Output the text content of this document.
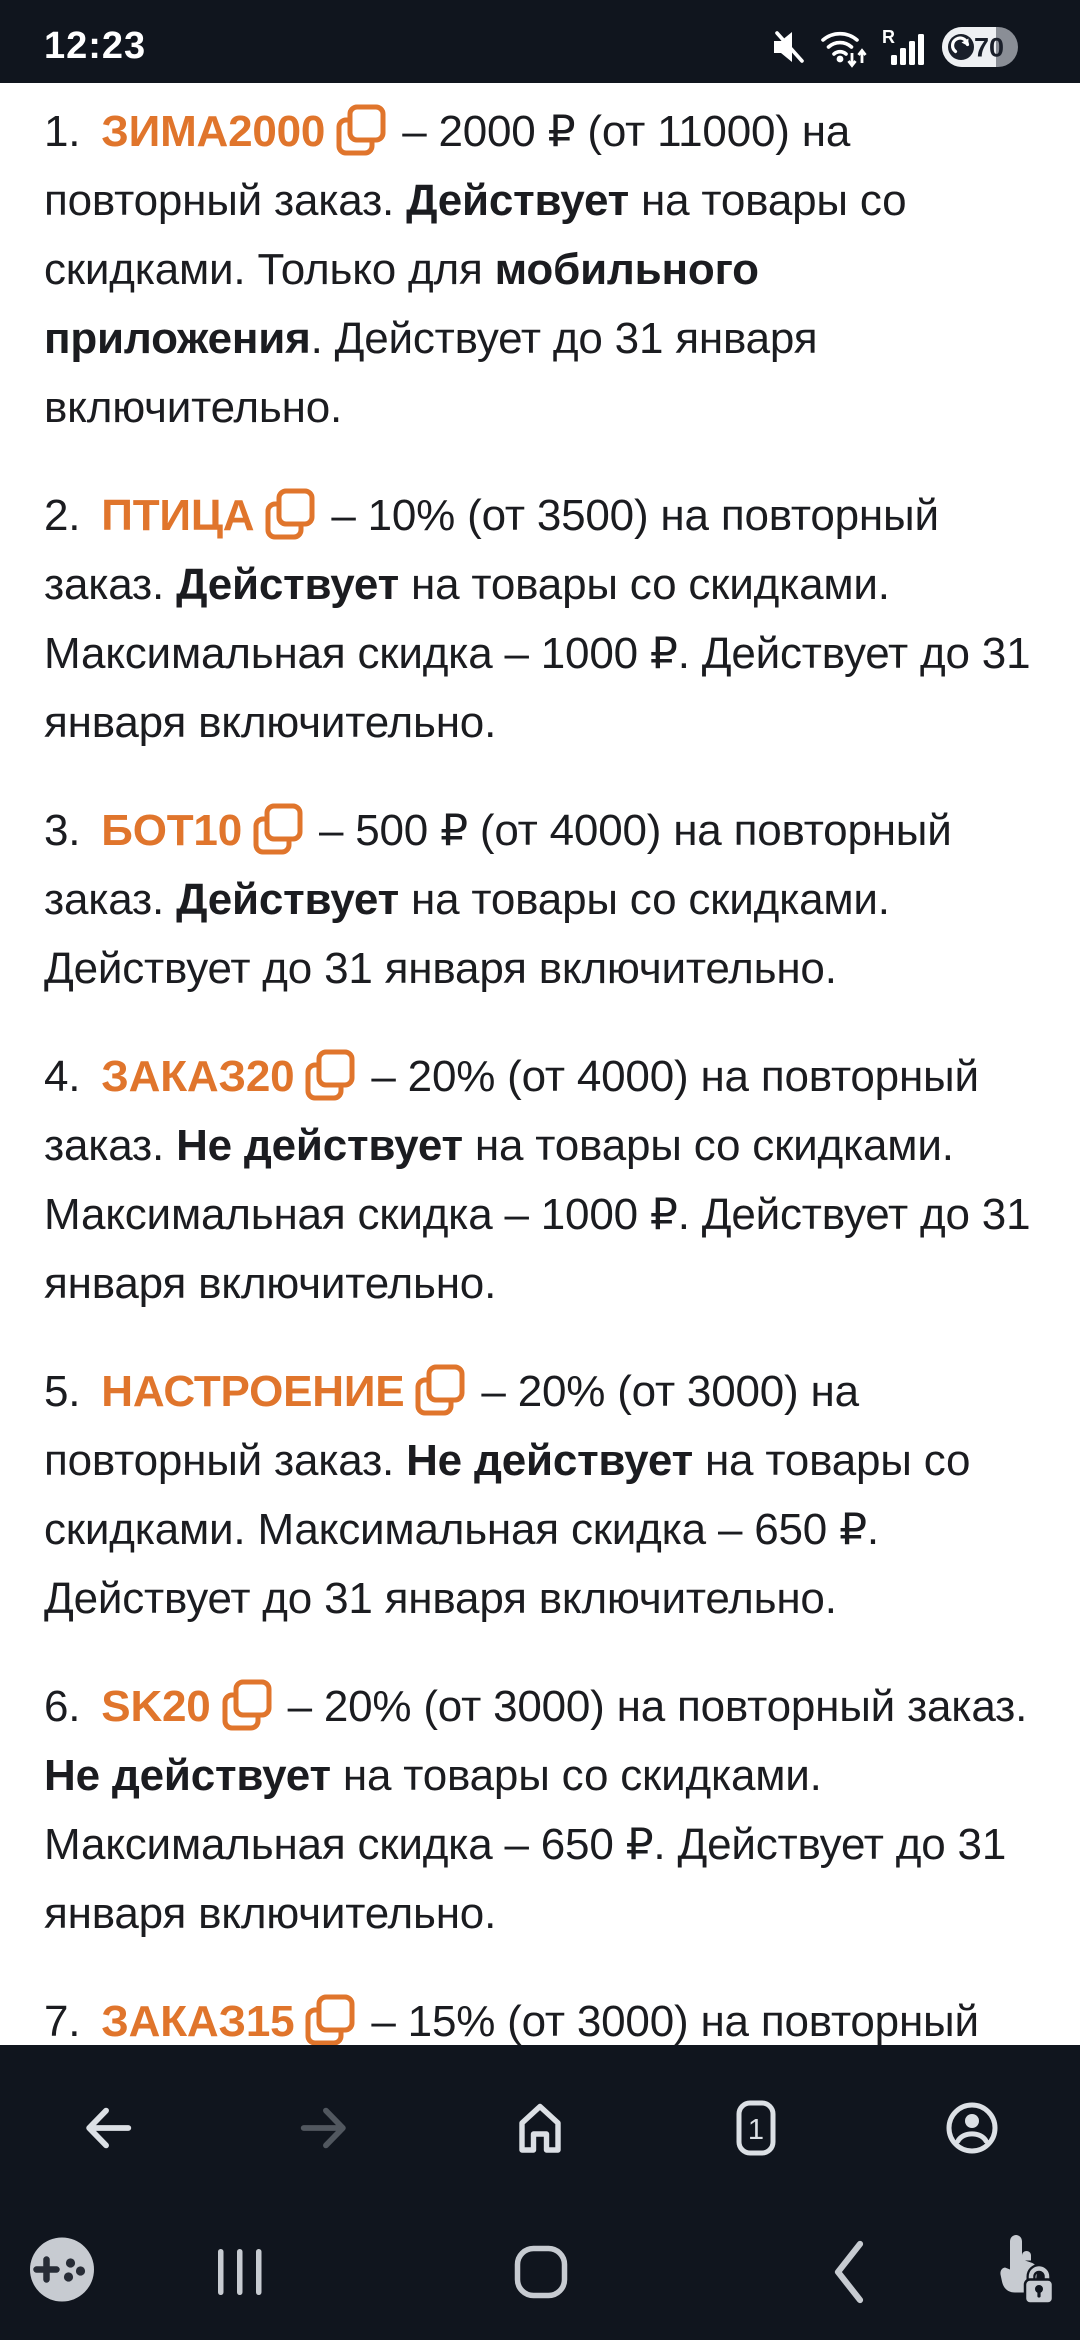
12:23	R	70

1. ЗИМА2000 – 2000 ₽ (от 11000) на повторный заказ. Действует на товары со скидками. Только для мобильного приложения. Действует до 31 января включительно.

2. ПТИЦА – 10% (от 3500) на повторный заказ. Действует на товары со скидками. Максимальная скидка – 1000 ₽. Действует до 31 января включительно.

3. БОТ10 – 500 ₽ (от 4000) на повторный заказ. Действует на товары со скидками. Действует до 31 января включительно.

4. ЗАКАЗ20 – 20% (от 4000) на повторный заказ. Не действует на товары со скидками. Максимальная скидка – 1000 ₽. Действует до 31 января включительно.

5. НАСТРОЕНИЕ – 20% (от 3000) на повторный заказ. Не действует на товары со скидками. Максимальная скидка – 650 ₽. Действует до 31 января включительно.

6. SK20 – 20% (от 3000) на повторный заказ. Не действует на товары со скидками. Максимальная скидка – 650 ₽. Действует до 31 января включительно.

7. ЗАКАЗ15 – 15% (от 3000) на повторный

1
